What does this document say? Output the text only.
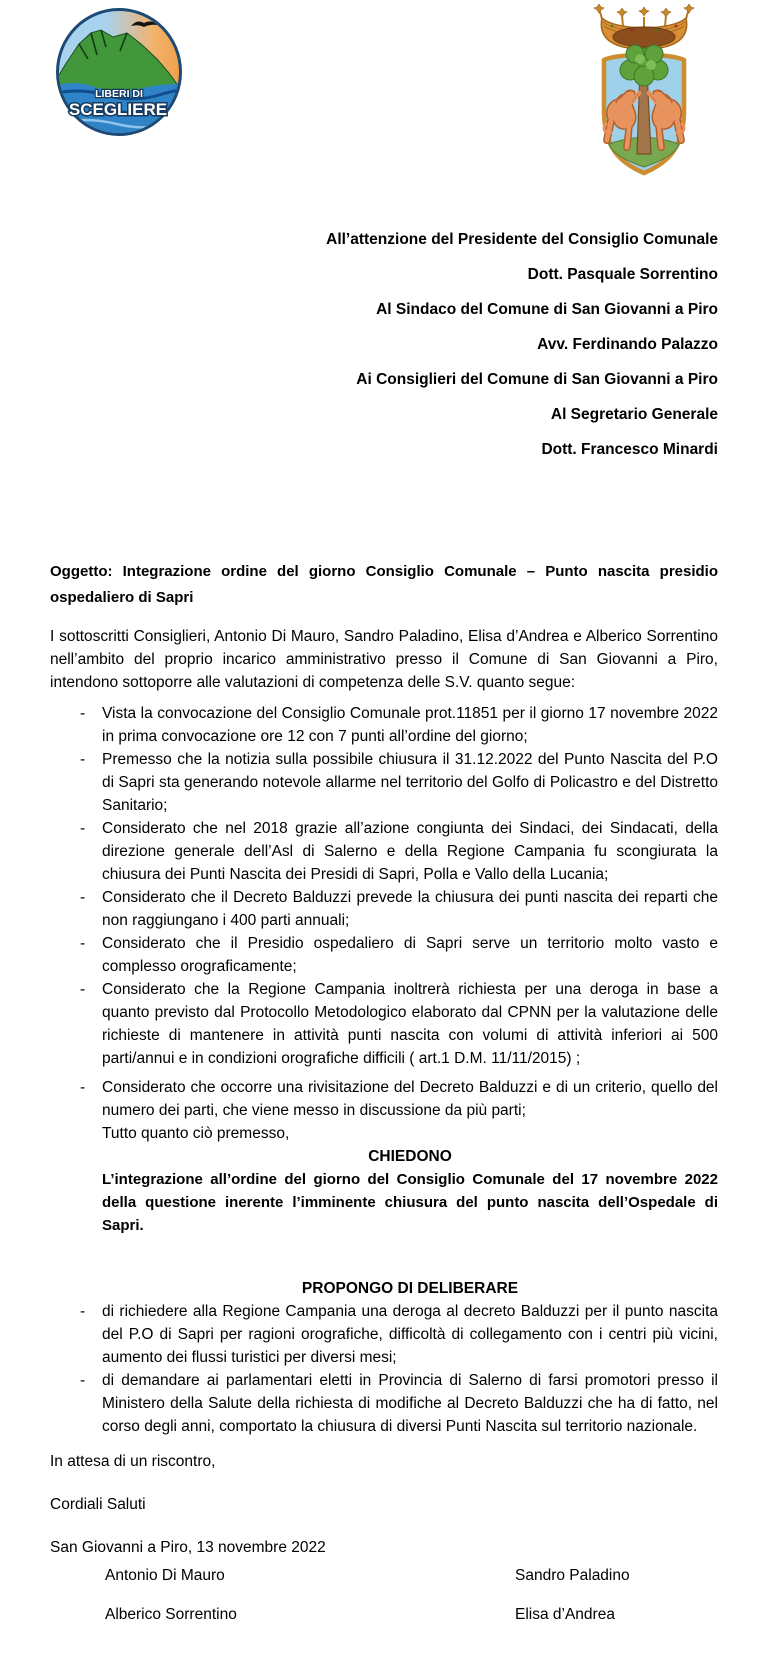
LIBERI DI
SCEGLIERE
All’attenzione del Presidente del Consiglio Comunale
Dott. Pasquale Sorrentino
Al Sindaco del Comune di San Giovanni a Piro
Avv. Ferdinando Palazzo
Ai Consiglieri del Comune di San Giovanni a Piro
Al Segretario Generale
Dott. Francesco Minardi
Oggetto: Integrazione ordine del giorno Consiglio Comunale – Punto nascita presidio ospedaliero di Sapri
I sottoscritti Consiglieri, Antonio Di Mauro, Sandro Paladino, Elisa d’Andrea e Alberico Sorrentino nell’ambito del proprio incarico amministrativo presso il Comune di San Giovanni a Piro, intendono sottoporre alle valutazioni di competenza delle S.V. quanto segue:
-	Vista la convocazione del Consiglio Comunale prot.11851 per il giorno 17 novembre 2022 in prima convocazione ore 12 con 7 punti all’ordine del giorno;
-	Premesso che la notizia sulla possibile chiusura il 31.12.2022 del Punto Nascita del P.O di Sapri sta generando notevole allarme nel territorio del Golfo di Policastro e del Distretto Sanitario;
-	Considerato che nel 2018 grazie all’azione congiunta dei Sindaci, dei Sindacati, della direzione generale dell’Asl di Salerno e della Regione Campania fu scongiurata la chiusura dei Punti Nascita dei Presidi di Sapri, Polla e Vallo della Lucania;
-	Considerato che il Decreto Balduzzi prevede la chiusura dei punti nascita dei reparti che non raggiungano i 400 parti annuali;
-	Considerato che il Presidio ospedaliero di Sapri serve un territorio molto vasto e complesso orograficamente;
-	Considerato che la Regione Campania inoltrerà richiesta per una deroga in base a quanto previsto dal Protocollo Metodologico elaborato dal CPNN per la valutazione delle richieste di mantenere in attività punti nascita con volumi di attività inferiori ai 500 parti/annui e in condizioni orografiche difficili ( art.1 D.M. 11/11/2015) ;
-	Considerato che occorre una rivisitazione del Decreto Balduzzi e di un criterio, quello del numero dei parti, che viene messo in discussione da più parti;
Tutto quanto ciò premesso,
CHIEDONO
L’integrazione all’ordine del giorno del Consiglio Comunale del 17 novembre 2022 della questione inerente l’imminente chiusura del punto nascita dell’Ospedale di Sapri.
PROPONGO DI DELIBERARE
-	di richiedere alla Regione Campania una deroga al decreto Balduzzi per il punto nascita del P.O di Sapri per ragioni orografiche, difficoltà di collegamento con i centri più vicini, aumento dei flussi turistici per diversi mesi;
-	di demandare ai parlamentari eletti in Provincia di Salerno di farsi promotori presso il Ministero della Salute della richiesta di modifiche al Decreto Balduzzi che ha di fatto, nel corso degli anni, comportato la chiusura di diversi Punti Nascita sul territorio nazionale.
In attesa di un riscontro,
Cordiali Saluti
San Giovanni a Piro, 13 novembre 2022
Antonio Di Mauro	Sandro Paladino
Alberico Sorrentino	Elisa d’Andrea
